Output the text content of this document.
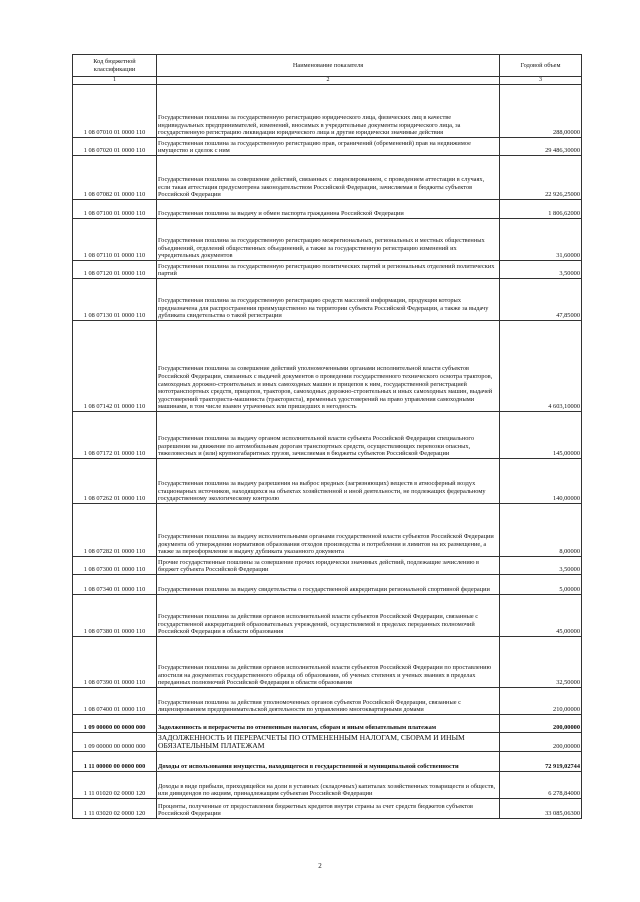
Код бюджетной классификации	Наименование показателя	Годовой объем
1	2	3
1 08 07010 01 0000 110	Государственная пошлина за государственную регистрацию юридического лица, физических лиц в качестве индивидуальных предпринимателей, изменений, вносимых в учредительные документы юридического лица, за государственную регистрацию ликвидации юридического лица и другие юридически значимые действия	288,00000
1 08 07020 01 0000 110	Государственная пошлина за государственную регистрацию прав, ограничений (обременений) прав на недвижимое имущество и сделок с ним	29 486,30000
1 08 07082 01 0000 110	Государственная пошлина за совершение действий, связанных с лицензированием, с проведением аттестации в случаях, если такая аттестация предусмотрена законодательством Российской Федерации, зачисляемая в бюджеты субъектов Российской Федерации	22 926,25000
1 08 07100 01 0000 110	Государственная пошлина за выдачу и обмен паспорта гражданина Российской Федерации	1 806,62000
1 08 07110 01 0000 110	Государственная пошлина за государственную регистрацию межрегиональных, региональных и местных общественных объединений, отделений общественных объединений, а также за государственную регистрацию изменений их учредительных документов	31,60000
1 08 07120 01 0000 110	Государственная пошлина за государственную регистрацию политических партий и региональных отделений политических партий	3,50000
1 08 07130 01 0000 110	Государственная пошлина за государственную регистрацию средств массовой информации, продукция которых предназначена для распространения преимущественно на территории субъекта Российской Федерации, а также за выдачу дубликата свидетельства о такой регистрации	47,85000
1 08 07142 01 0000 110	Государственная пошлина за совершение действий уполномоченными органами исполнительной власти субъектов Российской Федерации, связанных с выдачей документов о проведении государственного технического осмотра тракторов, самоходных дорожно-строительных и иных самоходных машин и прицепов к ним, государственной регистрацией мототранспортных средств, прицепов, тракторов, самоходных дорожно-строительных и иных самоходных машин, выдачей удостоверений тракториста-машиниста (тракториста), временных удостоверений на право управления самоходными машинами, в том числе взамен утраченных или пришедших в негодность	4 603,10000
1 08 07172 01 0000 110	Государственная пошлина за выдачу органом исполнительной власти субъекта Российской Федерации специального разрешения на движение по автомобильным дорогам транспортных средств, осуществляющих перевозки опасных, тяжеловесных и (или) крупногабаритных грузов, зачисляемая в бюджеты субъектов Российской Федерации	145,00000
1 08 07262 01 0000 110	Государственная пошлина за выдачу разрешения на выброс вредных (загрязняющих) веществ в атмосферный воздух стационарных источников, находящихся на объектах хозяйственной и иной деятельности, не подлежащих федеральному государственному экологическому контролю	140,00000
1 08 07282 01 0000 110	Государственная пошлина за выдачу исполнительными органами государственной власти субъектов Российской Федерации документа об утверждении нормативов образования отходов производства и потребления и лимитов на их размещение, а также за переоформление и выдачу дубликата указанного документа	8,00000
1 08 07300 01 0000 110	Прочие государственные пошлины за совершение прочих юридически значимых действий, подлежащие зачислению в бюджет субъекта Российской Федерации	3,50000
1 08 07340 01 0000 110	Государственная пошлина за выдачу свидетельства о государственной аккредитации региональной спортивной федерации	5,00000
1 08 07380 01 0000 110	Государственная пошлина за действия органов исполнительной власти субъектов Российской Федерации, связанные с государственной аккредитацией образовательных учреждений, осуществляемой в пределах переданных полномочий Российской Федерации в области образования	45,00000
1 08 07390 01 0000 110	Государственная пошлина за действия органов исполнительной власти субъектов Российской Федерации по проставлению апостиля на документах государственного образца об образовании, об ученых степенях и ученых званиях в пределах переданных полномочий Российской Федерации в области образования	32,50000
1 08 07400 01 0000 110	Государственная пошлина за действия уполномоченных органов субъектов Российской Федерации, связанные с лицензированием предпринимательской деятельности по управлению многоквартирными домами	210,00000
1 09 00000 00 0000 000	Задолженность и перерасчеты по отмененным налогам, сборам и иным обязательным платежам	200,00000
1 09 00000 00 0000 000	ЗАДОЛЖЕННОСТЬ И ПЕРЕРАСЧЕТЫ ПО ОТМЕНЕННЫМ НАЛОГАМ, СБОРАМ И ИНЫМ ОБЯЗАТЕЛЬНЫМ ПЛАТЕЖАМ	200,00000
1 11 00000 00 0000 000	Доходы от использования имущества, находящегося в государственной и муниципальной собственности	72 919,02744
1 11 01020 02 0000 120	Доходы в виде прибыли, приходящейся на доли в уставных (складочных) капиталах хозяйственных товариществ и обществ, или дивидендов по акциям, принадлежащим субъектам Российской Федерации	6 278,84000
1 11 03020 02 0000 120	Проценты, полученные от предоставления бюджетных кредитов внутри страны за счет средств бюджетов субъектов Российской Федерации	33 085,06300
2
